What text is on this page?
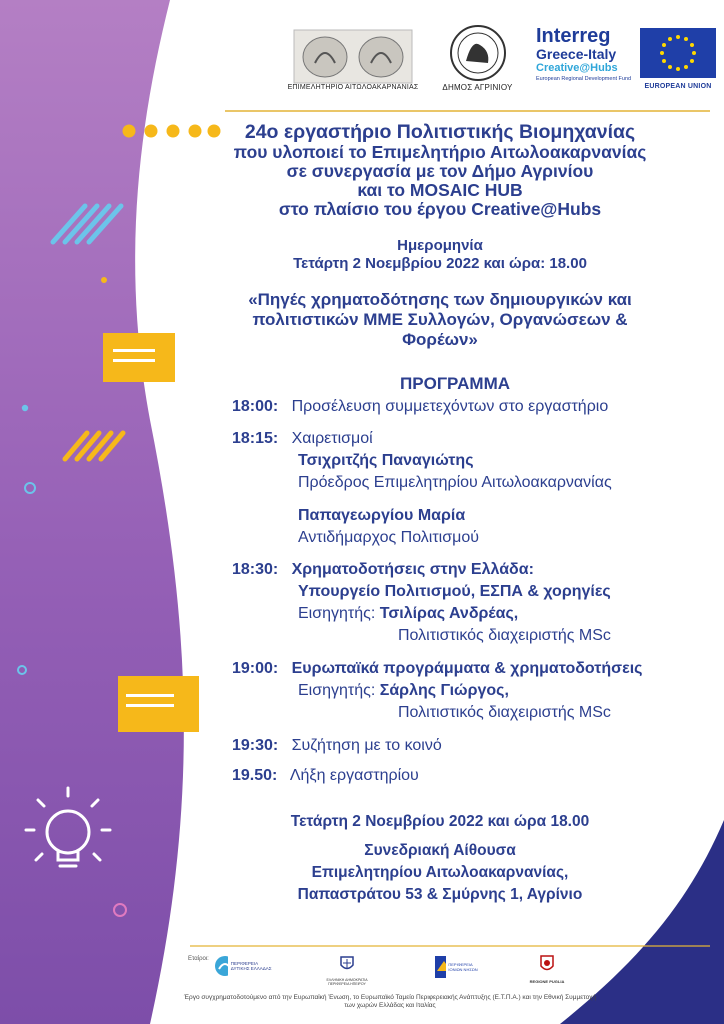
ΕΠΙΜΕΛΗΤΗΡΙΟ ΑΙΤΩΛΟΑΚΑΡΝΑΝΙΑΣ	ΔΗΜΟΣ ΑΓΡΙΝΙΟΥ
Interreg
Greece-Italy
Creative@Hubs
European Regional Development Fund
EUROPEAN UNION
24ο εργαστήριο Πολιτιστικής Βιομηχανίας
που υλοποιεί το Επιμελητήριο Αιτωλοακαρνανίας
σε συνεργασία με τον Δήμο Αγρινίου
και το MOSAIC HUB
στο πλαίσιο του έργου Creative@Hubs
Ημερομηνία
Τετάρτη 2 Νοεμβρίου 2022 και ώρα: 18.00
«Πηγές χρηματοδότησης των δημιουργικών και πολιτιστικών ΜΜΕ Συλλογών, Οργανώσεων & Φορέων»
ΠΡΟΓΡΑΜΜΑ
18:00: Προσέλευση συμμετεχόντων στο εργαστήριο
18:15: Χαιρετισμοί
Τσιχριτζής Παναγιώτης
Πρόεδρος Επιμελητηρίου Αιτωλοακαρνανίας
Παπαγεωργίου Μαρία
Αντιδήμαρχος Πολιτισμού
18:30: Χρηματοδοτήσεις στην Ελλάδα:
Υπουργείο Πολιτισμού, ΕΣΠΑ & χορηγίες
Εισηγητής: Τσιλίρας Ανδρέας,
Πολιτιστικός διαχειριστής MSc
19:00: Ευρωπαϊκά προγράμματα & χρηματοδοτήσεις
Εισηγητής: Σάρλης Γιώργος,
Πολιτιστικός διαχειριστής MSc
19:30: Συζήτηση με το κοινό
19.50: Λήξη εργαστηρίου
Τετάρτη 2 Νοεμβρίου 2022 και ώρα 18.00
Συνεδριακή Αίθουσα
Επιμελητηρίου Αιτωλοακαρνανίας,
Παπαστράτου 53 & Σμύρνης 1, Αγρίνιο
Εταίροι:
ΠΕΡΙΦΕΡΕΙΑ ΔΥΤΙΚΗΣ ΕΛΛΑΔΑΣ
ΕΛΛΗΝΙΚΗ ΔΗΜΟΚΡΑΤΙΑ ΠΕΡΙΦΕΡΕΙΑ ΗΠΕΙΡΟΥ
ΠΕΡΙΦΕΡΕΙΑ ΙΟΝΙΩΝ ΝΗΣΩΝ
REGIONE PUGLIA
Έργο συγχρηματοδοτούμενο από την Ευρωπαϊκή Ένωση, το Ευρωπαϊκό Ταμείο Περιφερειακής Ανάπτυξης (Ε.Τ.Π.Α.) και την Εθνική Συμμετοχή των χωρών Ελλάδας και Ιταλίας
